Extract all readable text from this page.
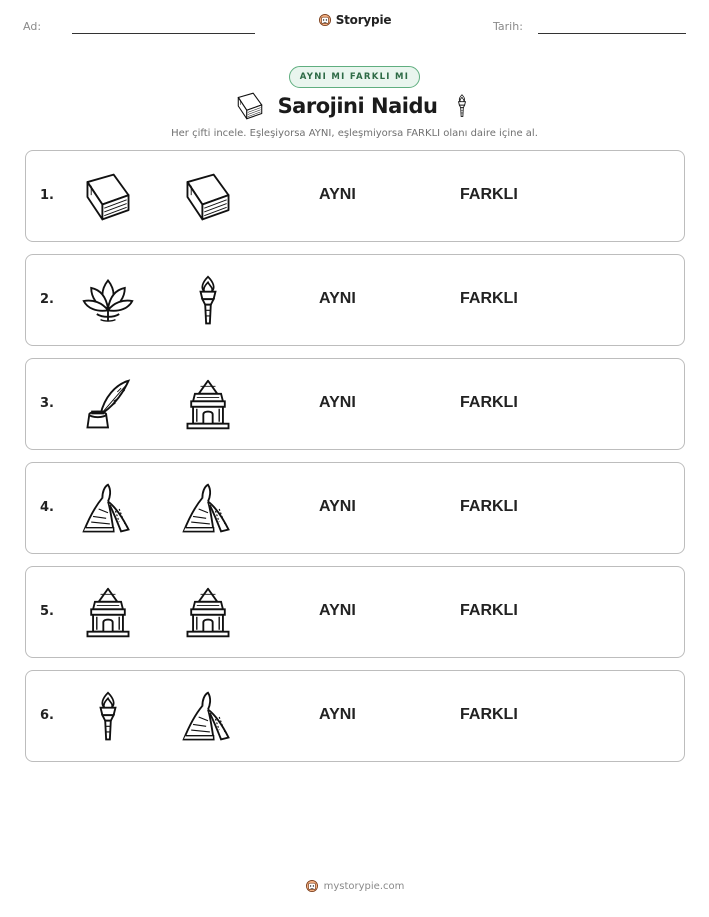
Ad:	Storypie	Tarih:
AYNI MI FARKLI MI
Sarojini Naidu
Her çifti incele. Eşleşiyorsa AYNI, eşleşmiyorsa FARKLI olanı daire içine al.
1.	AYNI	FARKLI
2.	AYNI	FARKLI
3.	AYNI	FARKLI
4.	AYNI	FARKLI
5.	AYNI	FARKLI
6.	AYNI	FARKLI
mystorypie.com
